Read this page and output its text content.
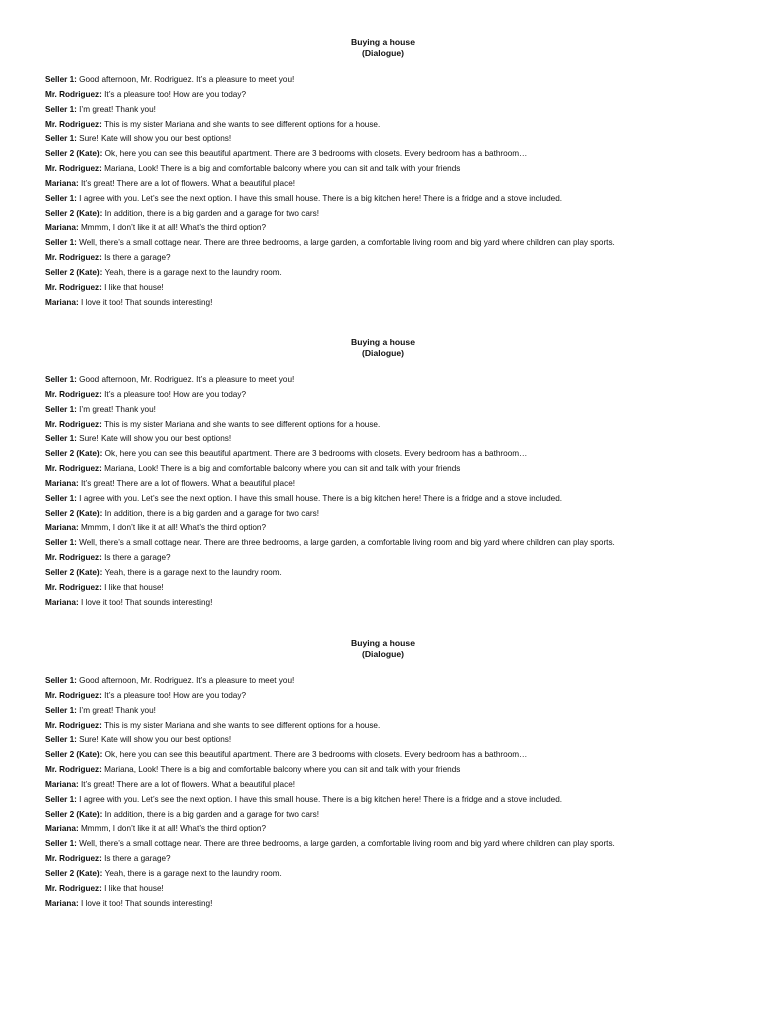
Buying a house
(Dialogue)
Seller 1: Good afternoon, Mr. Rodriguez. It’s a pleasure to meet you!
Mr. Rodriguez: It’s a pleasure too! How are you today?
Seller 1: I’m great! Thank you!
Mr. Rodriguez: This is my sister Mariana and she wants to see different options for a house.
Seller 1: Sure! Kate will show you our best options!
Seller 2 (Kate): Ok, here you can see this beautiful apartment. There are 3 bedrooms with closets. Every bedroom has a bathroom…
Mr. Rodriguez: Mariana, Look! There is a big and comfortable balcony where you can sit and talk with your friends
Mariana: It’s great! There are a lot of flowers. What a beautiful place!
Seller 1: I agree with you. Let’s see the next option. I have this small house. There is a big kitchen here! There is a fridge and a stove included.
Seller 2 (Kate): In addition, there is a big garden and a garage for two cars!
Mariana: Mmmm, I don’t like it at all! What’s the third option?
Seller 1: Well, there’s a small cottage near. There are three bedrooms, a large garden, a comfortable living room and big yard where children can play sports.
Mr. Rodriguez: Is there a garage?
Seller 2 (Kate): Yeah, there is a garage next to the laundry room.
Mr. Rodriguez: I like that house!
Mariana: I love it too! That sounds interesting!
Buying a house
(Dialogue)
Seller 1: Good afternoon, Mr. Rodriguez. It’s a pleasure to meet you!
Mr. Rodriguez: It’s a pleasure too! How are you today?
Seller 1: I’m great! Thank you!
Mr. Rodriguez: This is my sister Mariana and she wants to see different options for a house.
Seller 1: Sure! Kate will show you our best options!
Seller 2 (Kate): Ok, here you can see this beautiful apartment. There are 3 bedrooms with closets. Every bedroom has a bathroom…
Mr. Rodriguez: Mariana, Look! There is a big and comfortable balcony where you can sit and talk with your friends
Mariana: It’s great! There are a lot of flowers. What a beautiful place!
Seller 1: I agree with you. Let’s see the next option. I have this small house. There is a big kitchen here! There is a fridge and a stove included.
Seller 2 (Kate): In addition, there is a big garden and a garage for two cars!
Mariana: Mmmm, I don’t like it at all! What’s the third option?
Seller 1: Well, there’s a small cottage near. There are three bedrooms, a large garden, a comfortable living room and big yard where children can play sports.
Mr. Rodriguez: Is there a garage?
Seller 2 (Kate): Yeah, there is a garage next to the laundry room.
Mr. Rodriguez: I like that house!
Mariana: I love it too! That sounds interesting!
Buying a house
(Dialogue)
Seller 1: Good afternoon, Mr. Rodriguez. It’s a pleasure to meet you!
Mr. Rodriguez: It’s a pleasure too! How are you today?
Seller 1: I’m great! Thank you!
Mr. Rodriguez: This is my sister Mariana and she wants to see different options for a house.
Seller 1: Sure! Kate will show you our best options!
Seller 2 (Kate): Ok, here you can see this beautiful apartment. There are 3 bedrooms with closets. Every bedroom has a bathroom…
Mr. Rodriguez: Mariana, Look! There is a big and comfortable balcony where you can sit and talk with your friends
Mariana: It’s great! There are a lot of flowers. What a beautiful place!
Seller 1: I agree with you. Let’s see the next option. I have this small house. There is a big kitchen here! There is a fridge and a stove included.
Seller 2 (Kate): In addition, there is a big garden and a garage for two cars!
Mariana: Mmmm, I don’t like it at all! What’s the third option?
Seller 1: Well, there’s a small cottage near. There are three bedrooms, a large garden, a comfortable living room and big yard where children can play sports.
Mr. Rodriguez: Is there a garage?
Seller 2 (Kate): Yeah, there is a garage next to the laundry room.
Mr. Rodriguez: I like that house!
Mariana: I love it too! That sounds interesting!
